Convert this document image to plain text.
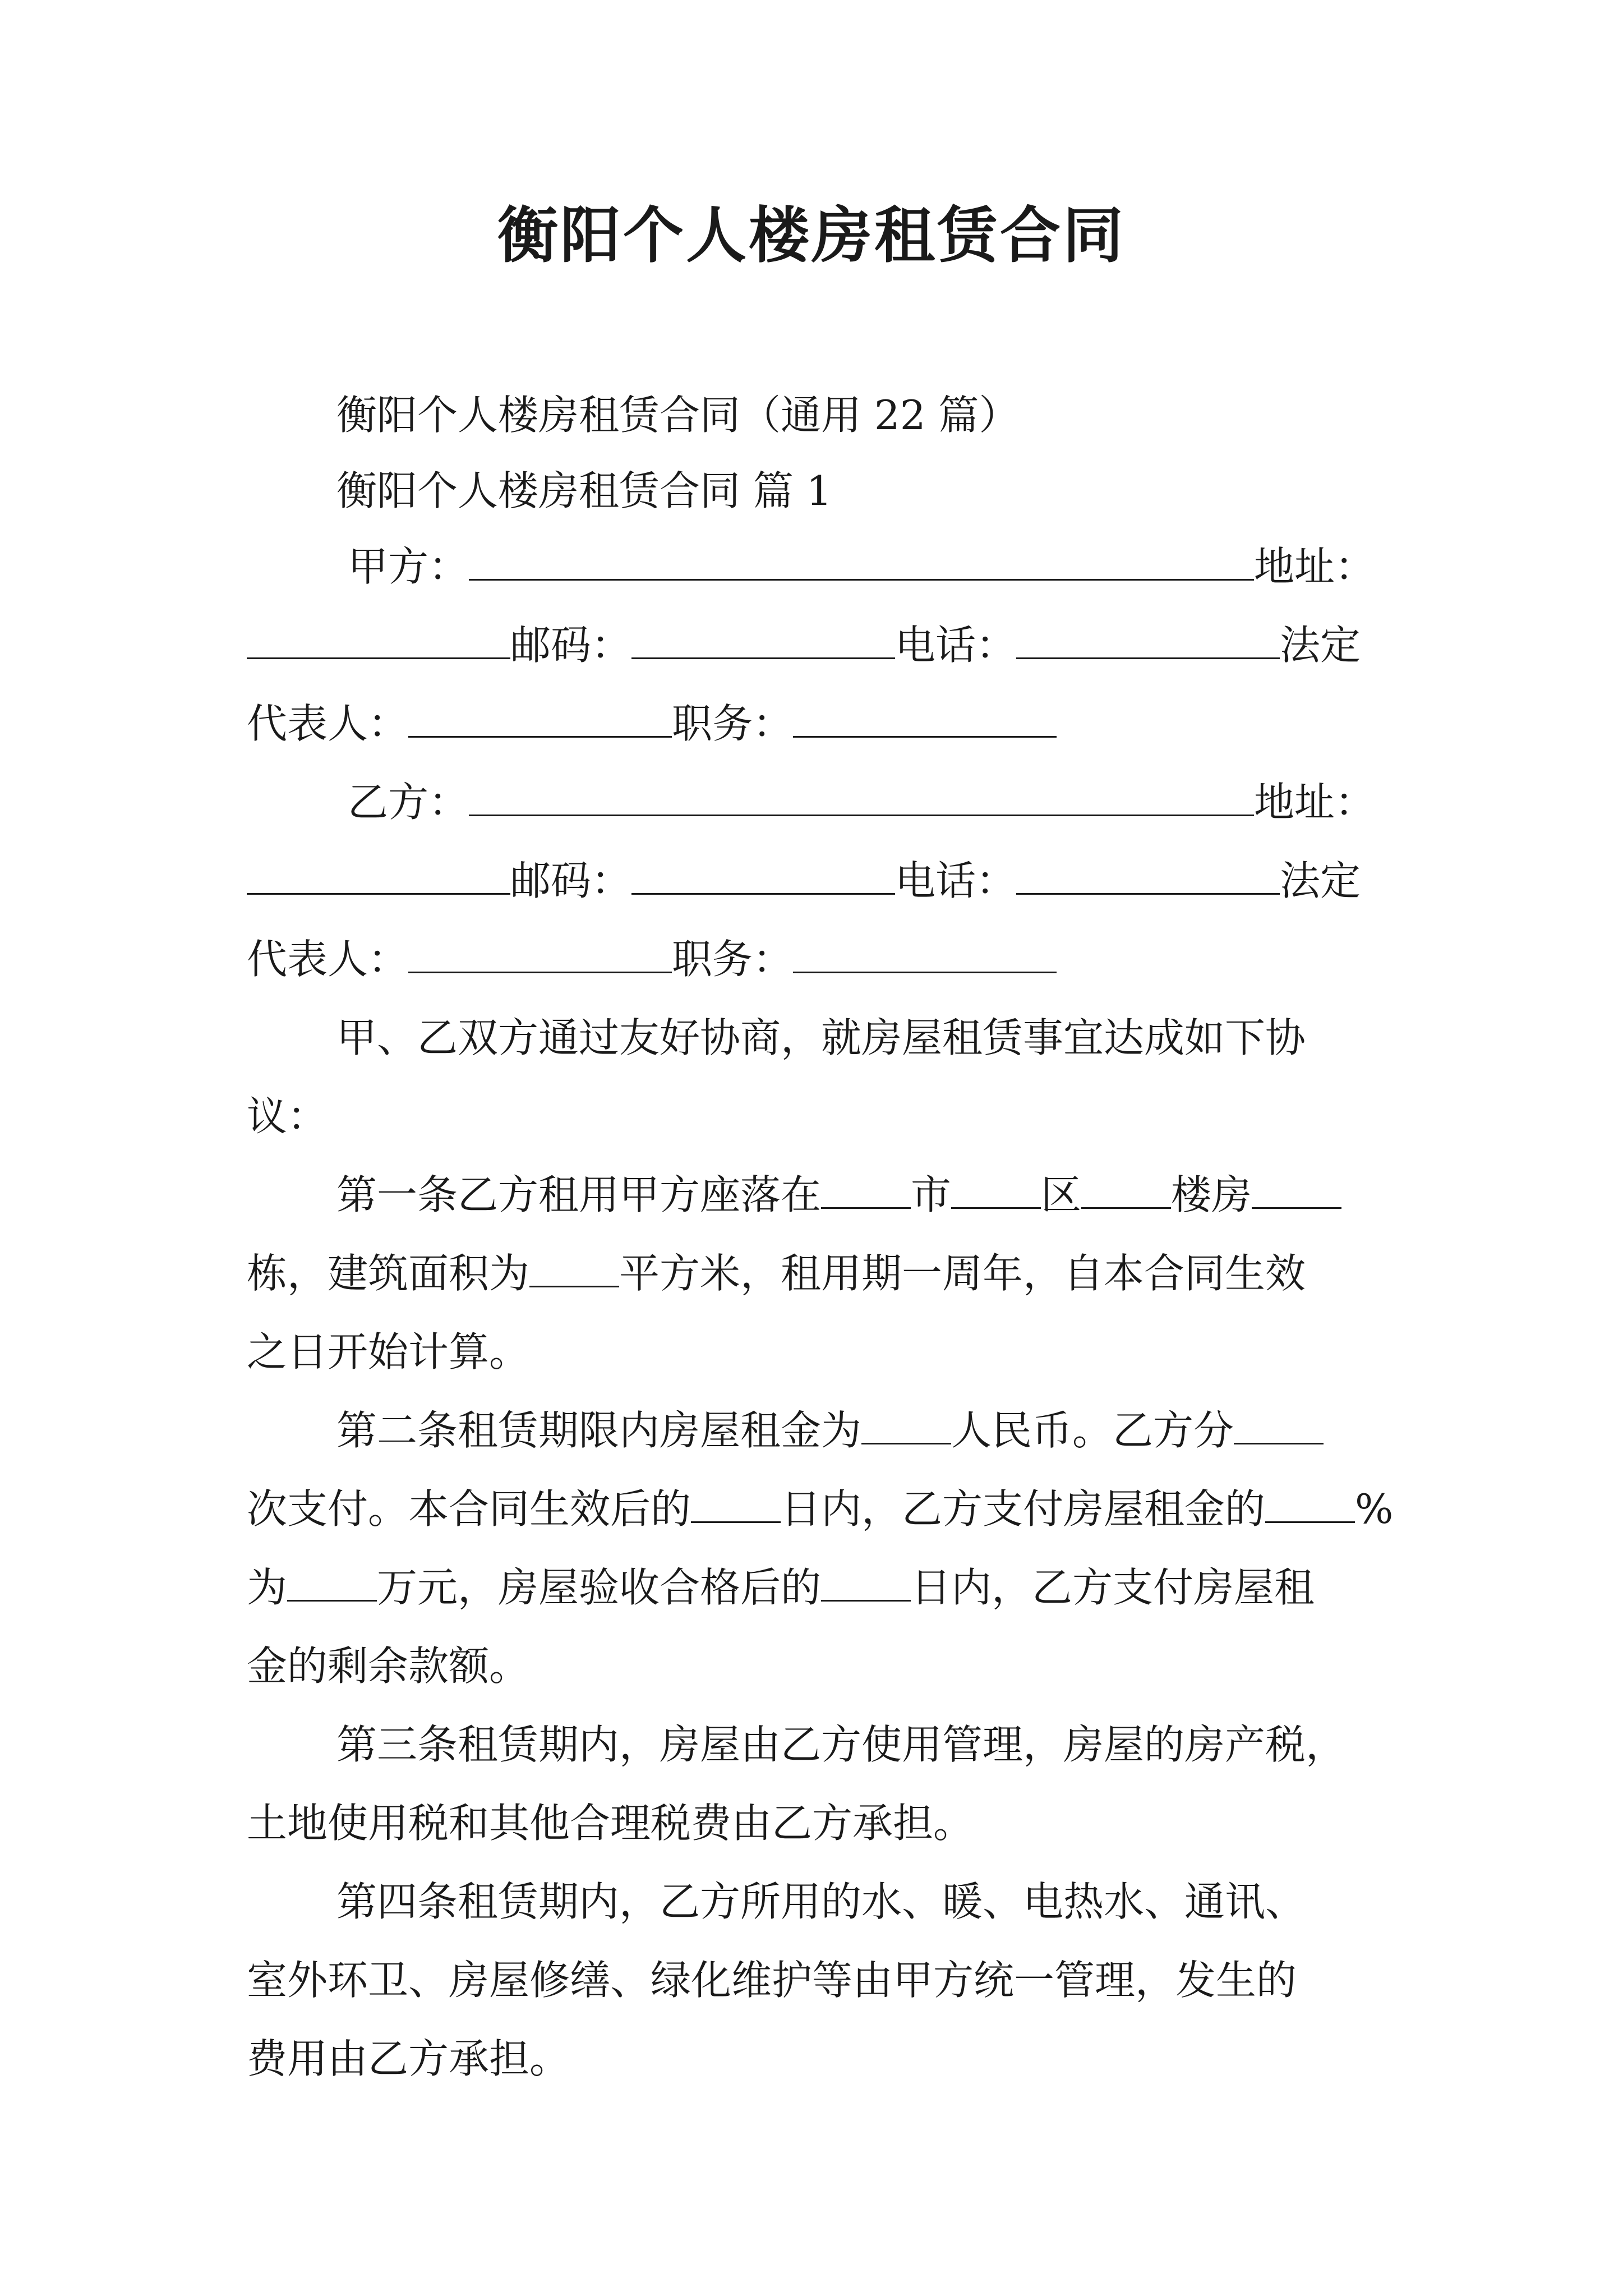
衡阳个人楼房租赁合同
衡阳个人楼房租赁合同（通用 22 篇）
衡阳个人楼房租赁合同 篇 1
甲方：	地址：
邮码：	电话：	法定
代表人：	职务：
乙方：	地址：
邮码：	电话：	法定
代表人：	职务：
甲、乙双方通过友好协商，就房屋租赁事宜达成如下协
议：
第一条乙方租用甲方座落在 市 区 楼房
栋，建筑面积为 平方米，租用期一周年，自本合同生效
之日开始计算。
第二条租赁期限内房屋租金为 人民币。乙方分
次支付。本合同生效后的 日内，乙方支付房屋租金的 %
为 万元，房屋验收合格后的 日内，乙方支付房屋租
金的剩余款额。
第三条租赁期内，房屋由乙方使用管理，房屋的房产税，
土地使用税和其他合理税费由乙方承担。
第四条租赁期内，乙方所用的水、暖、电热水、通讯、
室外环卫、房屋修缮、绿化维护等由甲方统一管理，发生的
费用由乙方承担。
